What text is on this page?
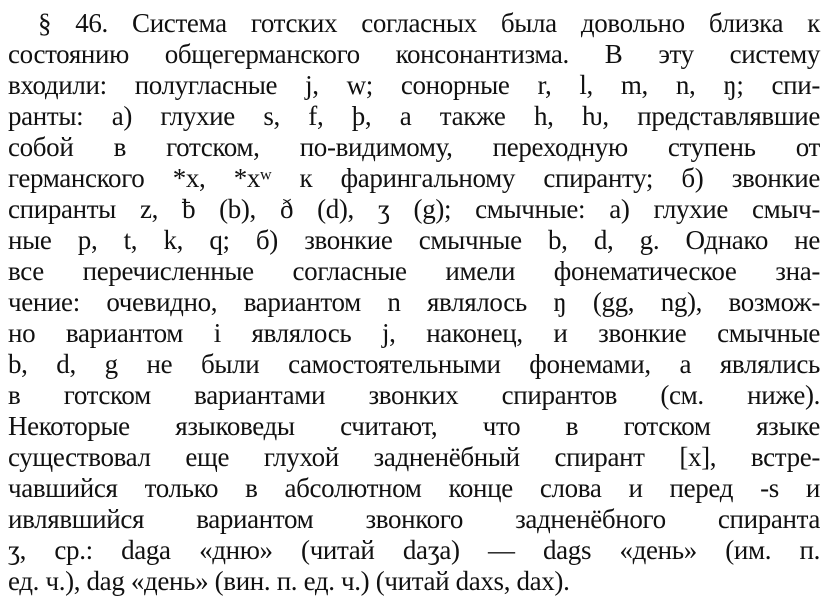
§ 46. Система готских согласных была довольно близка к
состоянию общегерманского консонантизма. В эту систему
входили: полугласные j, w; сонорные r, l, m, n, ŋ; спи-
ранты: а) глухие s, f, þ, а также h, ƕ, представлявшие
собой в готском, по-видимому, переходную ступень от
германского *x, *xʷ к фарингальному спиранту; б) звонкие
спиранты z, ƀ (b), ð (d), ʒ (g); смычные: а) глухие смыч-
ные p, t, k, q; б) звонкие смычные b, d, g. Однако не
все перечисленные согласные имели фонематическое зна-
чение: очевидно, вариантом n являлось ŋ (gg, ng), возмож-
но вариантом i являлось j, наконец, и звонкие смычные
b, d, g не были самостоятельными фонемами, а являлись
в готском вариантами звонких спирантов (см. ниже).
Некоторые языковеды считают, что в готском языке
существовал еще глухой задненёбный спирант [x], встре-
чавшийся только в абсолютном конце слова и перед -s и
ивлявшийся вариантом звонкого задненёбного спиранта
ʒ, ср.: daga «дню» (читай daʒa) — dags «день» (им. п.
ед. ч.), dag «день» (вин. п. ед. ч.) (читай daxs, dax).
